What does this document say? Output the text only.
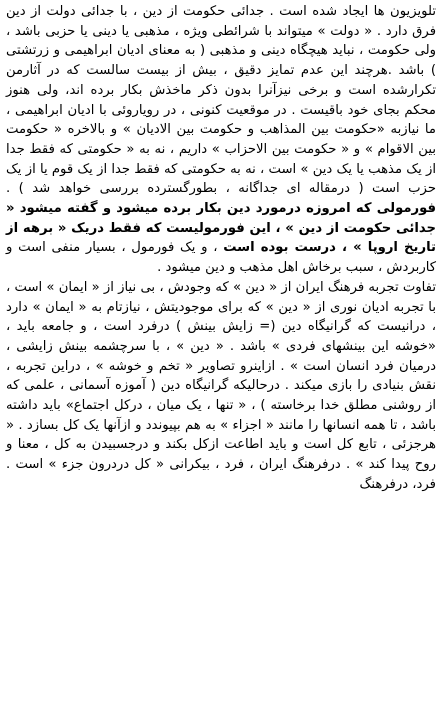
تلویزیون ها ایجاد شده است . جدائی حکومت از دین ، با جدائی دولت از دین فرق دارد . « دولت » میتواند با شرائطی ویژه ، مذهبی یا دینی یا حزبی باشد ، ولی حکومت ، نباید هیچگاه دینی و مذهبی ( به معنای ادیان ابراهیمی و زرتشتی ) باشد .هرچند این عدم تمایز دقیق ، بیش از بیست سالست که در آثارمن تکرارشده است و برخی نیزآنرا بدون ذکر ماخذش بکار برده اند، ولی هنوز محکم بجای خود باقیست . در موقعیت کنونی ، در رویاروئی با ادیان ابراهیمی ، ما نیازبه «حکومت بین المذاهب و حکومت بین الادیان » و بالاخره « حکومت بین الاقوام » و « حکومت بین الاحزاب » داریم ، نه به « حکومتی که فقط جدا از یک مذهب یا یک دین » است ، نه به حکومتی که فقط جدا از یک قوم یا از یک حزب است ( درمقاله ای جداگانه ، بطورگسترده بررسی خواهد شد ) . فورمولی که امروزه درمورد دین بکار برده میشود و گفته میشود « جدائی حکومت از دین » ، این فورمولیست که فقط دریک « برهه از تاریخ اروپا » ، درست بوده است ، و یک فورمول ، بسیار منفی است و کاربردش ، سبب برخاش اهل مذهب و دین میشود .

تفاوت تجربه فرهنگ ایران از « دین » که وجودش ، بی نیاز از « ایمان » است ، با تجربه ادیان نوری از « دین » که برای موجودیتش ، نیازتام به « ایمان » دارد ، درانیست که گرانیگاه دین (= زایش بینش ) درفرد است ، و جامعه باید ، «خوشه این بینشهای فردی » باشد . « دین » ، با سرچشمه بینش زایشی ، درمیان فرد انسان است » . ازاینرو تصاویر « تخم و خوشه » ، دراین تجربه ، نقش بنیادی را بازی میکند . درحالیکه گرانیگاه دین ( آموزه آسمانی ، علمی که از روشنی مطلق خدا برخاسته ) ، « تنها ، یک میان ، درکل اجتماع» باید داشته باشد ، تا همه انسانها را مانند « اجزاء » به هم بپیوندد و ازآنها یک کل بسازد . « هرجزئی ، تابع کل است و باید اطاعت ازکل بکند و درجسبیدن به کل ، معنا و روح پیدا کند » . درفرهنگ ایران ، فرد ، بیکرانی « کل دردرون جزء » است . فرد، درفرهنگ
